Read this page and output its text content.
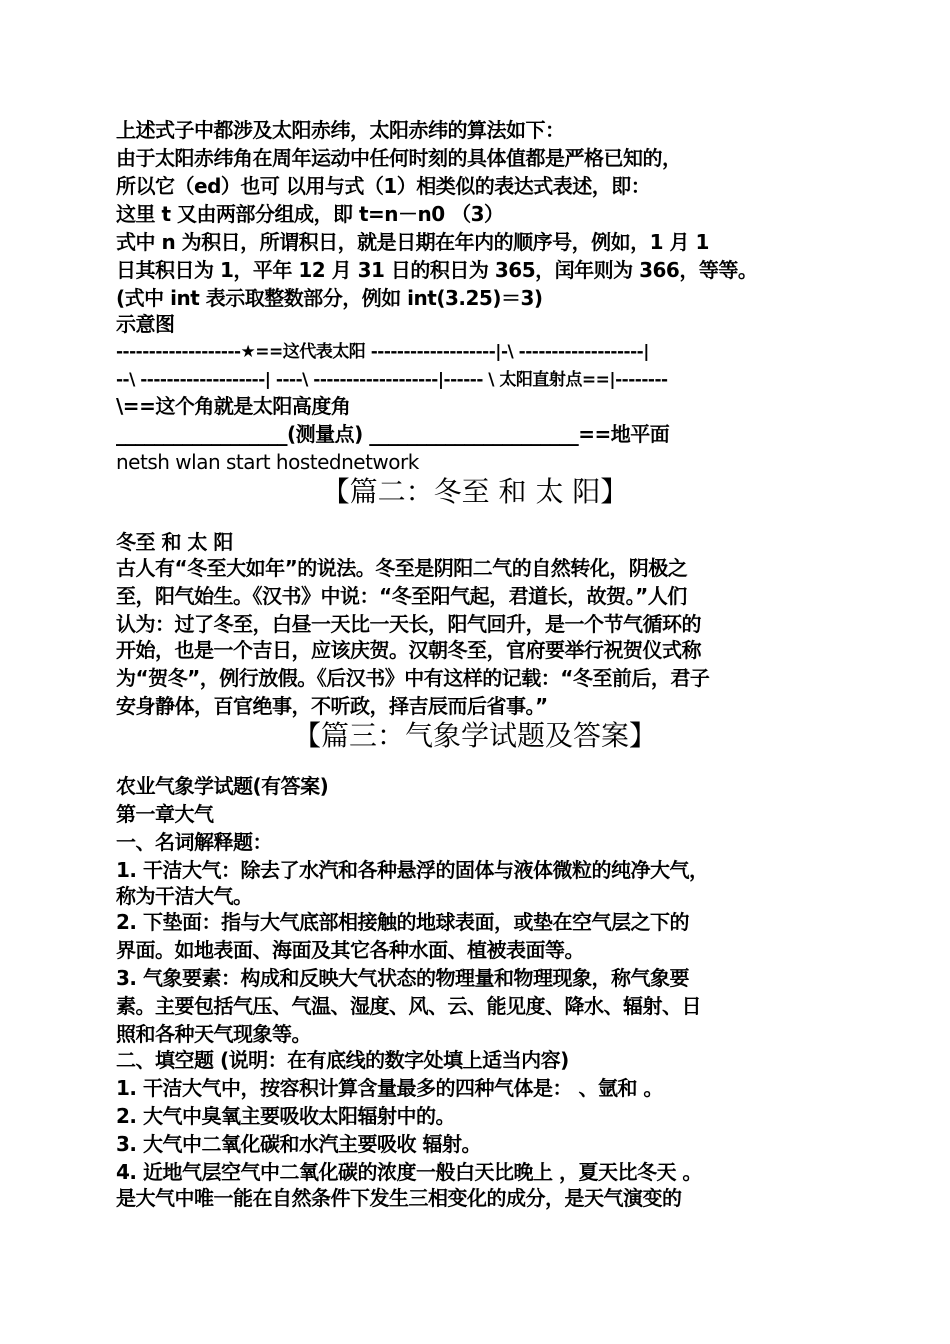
上述式子中都涉及太阳赤纬，太阳赤纬的算法如下：
由于太阳赤纬角在周年运动中任何时刻的具体值都是严格已知的，
所以它（ed）也可 以用与式（1）相类似的表达式表述，即：
这里 t 又由两部分组成，即 t=n－n0 （3）
式中 n 为积日，所谓积日，就是日期在年内的顺序号，例如，1 月 1
日其积日为 1，平年 12 月 31 日的积日为 365，闰年则为 366，等等。
(式中 int 表示取整数部分，例如 int(3.25)＝3)
示意图
-------------------★==这代表太阳 -------------------|-\ -------------------|
--\ -------------------| ----\ -------------------|------ \ 太阳直射点==|--------
\==这个角就是太阳高度角
__________________(测量点) ______________________==地平面
netsh wlan start hostednetwork
【篇二：冬至 和 太 阳】
冬至 和 太 阳
古人有“冬至大如年”的说法。冬至是阴阳二气的自然转化，阴极之
至，阳气始生。《汉书》中说：“冬至阳气起，君道长，故贺。”人们
认为：过了冬至，白昼一天比一天长，阳气回升，是一个节气循环的
开始，也是一个吉日，应该庆贺。汉朝冬至，官府要举行祝贺仪式称
为“贺冬”，例行放假。《后汉书》中有这样的记载：“冬至前后，君子
安身静体，百官绝事，不听政，择吉辰而后省事。”
【篇三：气象学试题及答案】
农业气象学试题(有答案)
第一章大气
一、名词解释题：
1. 干洁大气：除去了水汽和各种悬浮的固体与液体微粒的纯净大气，
称为干洁大气。
2. 下垫面：指与大气底部相接触的地球表面，或垫在空气层之下的
界面。如地表面、海面及其它各种水面、植被表面等。
3. 气象要素：构成和反映大气状态的物理量和物理现象，称气象要
素。主要包括气压、气温、湿度、风、云、能见度、降水、辐射、日
照和各种天气现象等。
二、填空题 (说明：在有底线的数字处填上适当内容)
1. 干洁大气中，按容积计算含量最多的四种气体是： 、氩和 。
2. 大气中臭氧主要吸收太阳辐射中的。
3. 大气中二氧化碳和水汽主要吸收 辐射。
4. 近地气层空气中二氧化碳的浓度一般白天比晚上 ，夏天比冬天 。
是大气中唯一能在自然条件下发生三相变化的成分，是天气演变的
